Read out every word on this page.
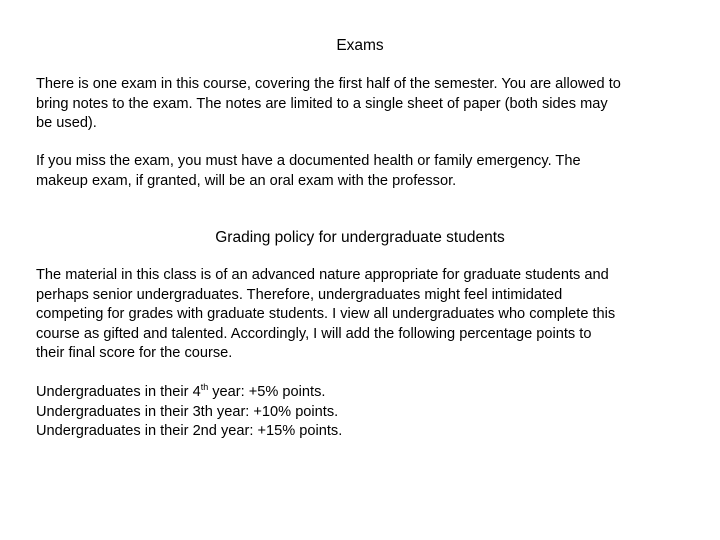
Exams

There is one exam in this course, covering the first half of the semester. You are allowed to
bring notes to the exam. The notes are limited to a single sheet of paper (both sides may
be used).

If you miss the exam, you must have a documented health or family emergency. The
makeup exam, if granted, will be an oral exam with the professor.

Grading policy for undergraduate students

The material in this class is of an advanced nature appropriate for graduate students and
perhaps senior undergraduates. Therefore, undergraduates might feel intimidated
competing for grades with graduate students. I view all undergraduates who complete this
course as gifted and talented. Accordingly, I will add the following percentage points to
their final score for the course.

Undergraduates in their 4th year: +5% points.
Undergraduates in their 3th year: +10% points.
Undergraduates in their 2nd year: +15% points.
